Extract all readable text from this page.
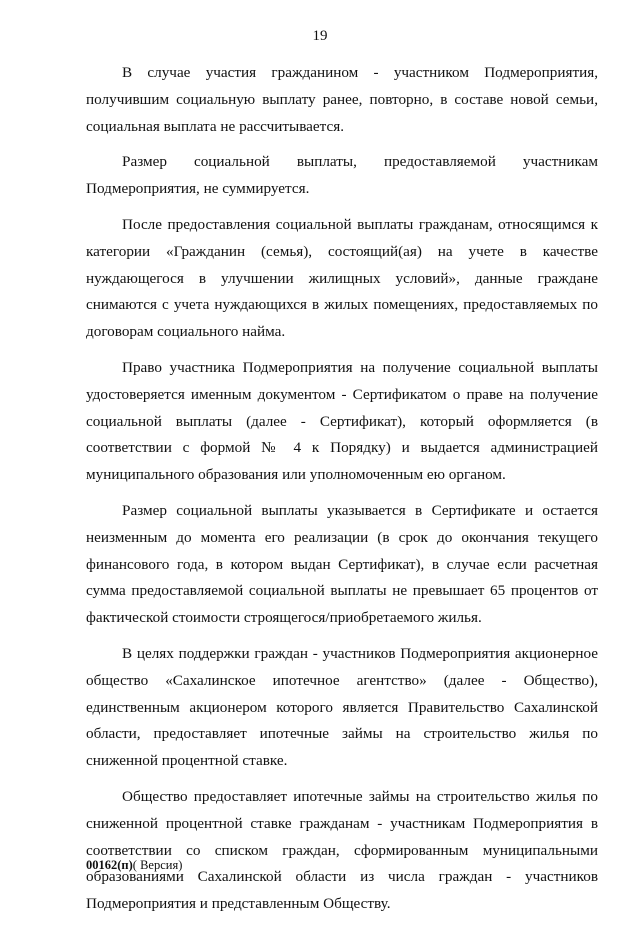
19

В случае участия гражданином - участником Подмероприятия, получившим социальную выплату ранее, повторно, в составе новой семьи, социальная выплата не рассчитывается.

Размер социальной выплаты, предоставляемой участникам Подмероприятия, не суммируется.

После предоставления социальной выплаты гражданам, относящимся к категории «Гражданин (семья), состоящий(ая) на учете в качестве нуждающегося в улучшении жилищных условий», данные граждане снимаются с учета нуждающихся в жилых помещениях, предоставляемых по договорам социального найма.

Право участника Подмероприятия на получение социальной выплаты удостоверяется именным документом - Сертификатом о праве на получение социальной выплаты (далее - Сертификат), который оформляется (в соответствии с формой № 4 к Порядку) и выдается администрацией муниципального образования или уполномоченным ею органом.

Размер социальной выплаты указывается в Сертификате и остается неизменным до момента его реализации (в срок до окончания текущего финансового года, в котором выдан Сертификат), в случае если расчетная сумма предоставляемой социальной выплаты не превышает 65 процентов от фактической стоимости строящегося/приобретаемого жилья.

В целях поддержки граждан - участников Подмероприятия акционерное общество «Сахалинское ипотечное агентство» (далее - Общество), единственным акционером которого является Правительство Сахалинской области, предоставляет ипотечные займы на строительство жилья по сниженной процентной ставке.

Общество предоставляет ипотечные займы на строительство жилья по сниженной процентной ставке гражданам - участникам Подмероприятия в соответствии со списком граждан, сформированным муниципальными образованиями Сахалинской области из числа граждан - участников Подмероприятия и представленным Обществу.

00162(п)( Версия)
